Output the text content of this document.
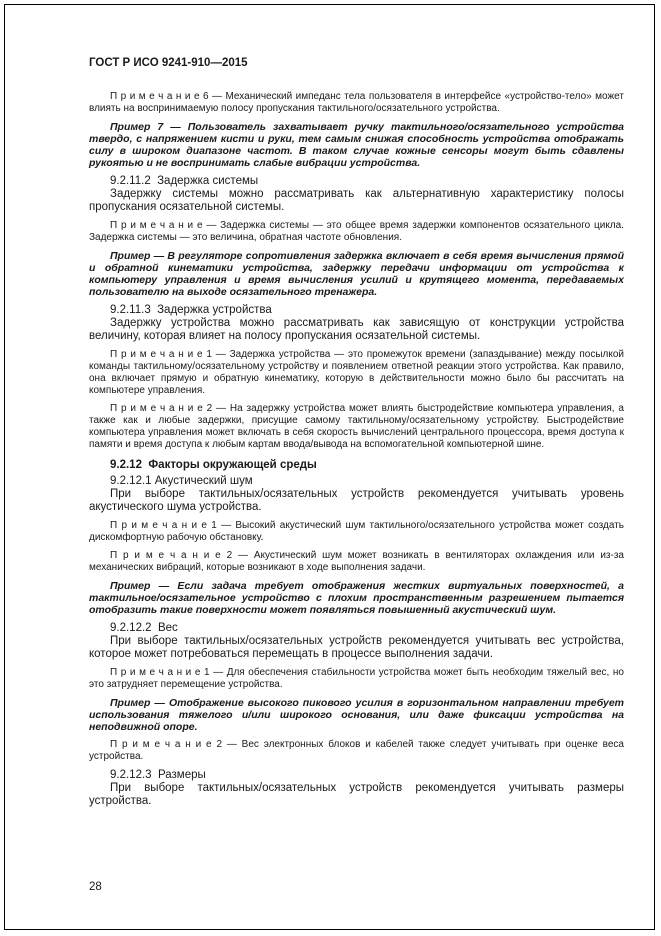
ГОСТ Р ИСО 9241-910—2015

П р и м е ч а н и е 6 — Механический импеданс тела пользователя в интерфейсе «устройство-тело» может влиять на воспринимаемую полосу пропускания тактильного/осязательного устройства.

Пример 7 — Пользователь захватывает ручку тактильного/осязательного устройства твердо, с напряжением кисти и руки, тем самым снижая способность устройства отображать силу в широком диапазоне частот. В таком случае кожные сенсоры могут быть сдавлены рукоятью и не воспринимать слабые вибрации устройства.

9.2.11.2  Задержка системы

Задержку системы можно рассматривать как альтернативную характеристику полосы пропускания осязательной системы.

П р и м е ч а н и е — Задержка системы — это общее время задержки компонентов осязательного цикла. Задержка системы — это величина, обратная частоте обновления.

Пример — В регуляторе сопротивления задержка включает в себя время вычисления прямой и обратной кинематики устройства, задержку передачи информации от устройства к компьютеру управления и время вычисления усилий и крутящего момента, передаваемых пользователю на выходе осязательного тренажера.

9.2.11.3  Задержка устройства

Задержку устройства можно рассматривать как зависящую от конструкции устройства величину, которая влияет на полосу пропускания осязательной системы.

П р и м е ч а н и е 1 — Задержка устройства — это промежуток времени (запаздывание) между посылкой команды тактильному/осязательному устройству и появлением ответной реакции этого устройства. Как правило, она включает прямую и обратную кинематику, которую в действительности можно было бы рассчитать на компьютере управления.

П р и м е ч а н и е 2 — На задержку устройства может влиять быстродействие компьютера управления, а также как и любые задержки, присущие самому тактильному/осязательному устройству. Быстродействие компьютера управления может включать в себя скорость вычислений центрального процессора, время доступа к памяти и время доступа к любым картам ввода/вывода на вспомогательной компьютерной шине.

9.2.12  Факторы окружающей среды

9.2.12.1 Акустический шум

При выборе тактильных/осязательных устройств рекомендуется учитывать уровень акустического шума устройства.

П р и м е ч а н и е 1 — Высокий акустический шум тактильного/осязательного устройства может создать дискомфортную рабочую обстановку.

П р и м е ч а н и е 2 — Акустический шум может возникать в вентиляторах охлаждения или из-за механических вибраций, которые возникают в ходе выполнения задачи.

Пример — Если задача требует отображения жестких виртуальных поверхностей, а тактильное/осязательное устройство с плохим пространственным разрешением пытается отобразить такие поверхности может появляться повышенный акустический шум.

9.2.12.2  Вес

При выборе тактильных/осязательных устройств рекомендуется учитывать вес устройства, которое может потребоваться перемещать в процессе выполнения задачи.

П р и м е ч а н и е 1 — Для обеспечения стабильности устройства может быть необходим тяжелый вес, но это затрудняет перемещение устройства.

Пример — Отображение высокого пикового усилия в горизонтальном направлении требует использования тяжелого и/или широкого основания, или даже фиксации устройства на неподвижной опоре.

П р и м е ч а н и е 2 — Вес электронных блоков и кабелей также следует учитывать при оценке веса устройства.

9.2.12.3  Размеры

При выборе тактильных/осязательных устройств рекомендуется учитывать размеры устройства.

28
